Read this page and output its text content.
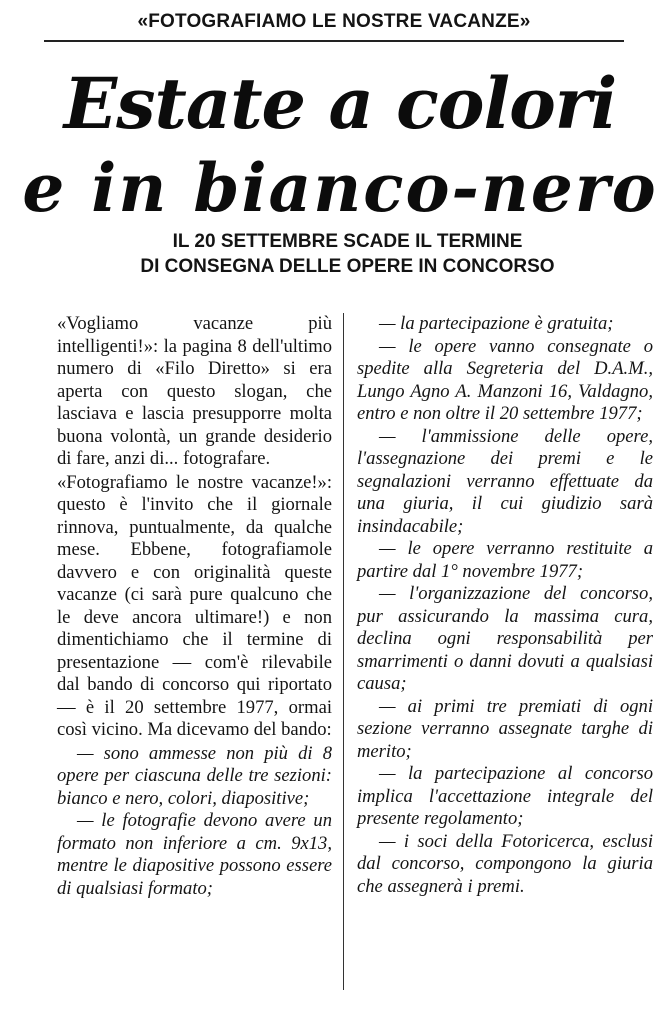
«FOTOGRAFIAMO LE NOSTRE VACANZE»
Estate a colori
e in bianco-nero
IL 20 SETTEMBRE SCADE IL TERMINE
DI CONSEGNA DELLE OPERE IN CONCORSO

«Vogliamo vacanze più intelligenti!»: la pagina 8 dell'ultimo numero di «Filo Diretto» si era aperta con questo slogan, che lasciava e lascia presupporre molta buona volontà, un grande desiderio di fare, anzi di... fotografare.

«Fotografiamo le nostre vacanze!»: questo è l'invito che il giornale rinnova, puntualmente, da qualche mese. Ebbene, fotografiamole davvero e con originalità queste vacanze (ci sarà pure qualcuno che le deve ancora ultimare!) e non dimentichiamo che il termine di presentazione — com'è rilevabile dal bando di concorso qui riportato — è il 20 settembre 1977, ormai così vicino. Ma dicevamo del bando:

— sono ammesse non più di 8 opere per ciascuna delle tre sezioni: bianco e nero, colori, diapositive;

— le fotografie devono avere un formato non inferiore a cm. 9x13, mentre le diapositive possono essere di qualsiasi formato;

— la partecipazione è gratuita;

— le opere vanno consegnate o spedite alla Segreteria del D.A.M., Lungo Agno A. Manzoni 16, Valdagno, entro e non oltre il 20 settembre 1977;

— l'ammissione delle opere, l'assegnazione dei premi e le segnalazioni verranno effettuate da una giuria, il cui giudizio sarà insindacabile;

— le opere verranno restituite a partire dal 1° novembre 1977;

— l'organizzazione del concorso, pur assicurando la massima cura, declina ogni responsabilità per smarrimenti o danni dovuti a qualsiasi causa;

— ai primi tre premiati di ogni sezione verranno assegnate targhe di merito;

— la partecipazione al concorso implica l'accettazione integrale del presente regolamento;

— i soci della Fotoricerca, esclusi dal concorso, compongono la giuria che assegnerà i premi.
